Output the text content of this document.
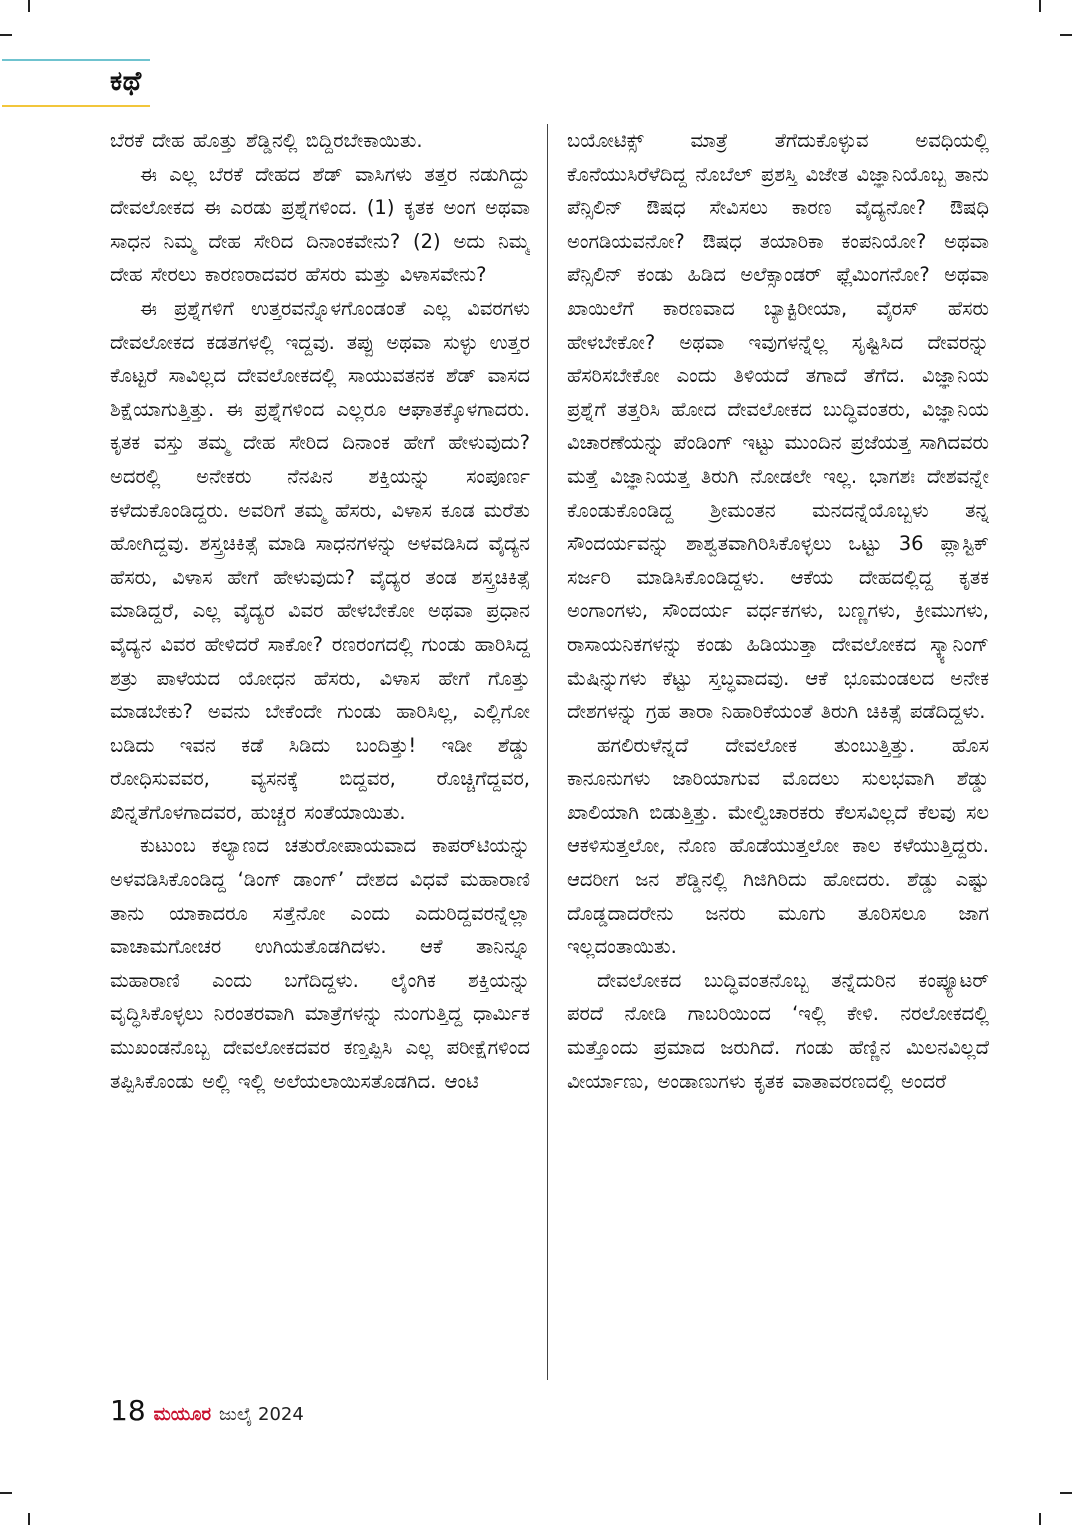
ಕಥೆ

ಬೆರಕೆ ದೇಹ ಹೊತ್ತು ಶೆಡ್ಡಿನಲ್ಲಿ ಬಿದ್ದಿರಬೇಕಾಯಿತು.

ಈ ಎಲ್ಲ ಬೆರಕೆ ದೇಹದ ಶೆಡ್ ವಾಸಿಗಳು ತತ್ತರ ನಡುಗಿದ್ದು ದೇವಲೋಕದ ಈ ಎರಡು ಪ್ರಶ್ನೆಗಳಿಂದ. (1) ಕೃತಕ ಅಂಗ ಅಥವಾ ಸಾಧನ ನಿಮ್ಮ ದೇಹ ಸೇರಿದ ದಿನಾಂಕವೇನು? (2) ಅದು ನಿಮ್ಮ ದೇಹ ಸೇರಲು ಕಾರಣರಾದವರ ಹೆಸರು ಮತ್ತು ವಿಳಾಸವೇನು?

ಈ ಪ್ರಶ್ನೆಗಳಿಗೆ ಉತ್ತರವನ್ನೊಳಗೊಂಡಂತೆ ಎಲ್ಲ ವಿವರಗಳು ದೇವಲೋಕದ ಕಡತಗಳಲ್ಲಿ ಇದ್ದವು. ತಪ್ಪು ಅಥವಾ ಸುಳ್ಳು ಉತ್ತರ ಕೊಟ್ಟರೆ ಸಾವಿಲ್ಲದ ದೇವಲೋಕದಲ್ಲಿ ಸಾಯುವತನಕ ಶೆಡ್ ವಾಸದ ಶಿಕ್ಷೆಯಾಗುತ್ತಿತ್ತು. ಈ ಪ್ರಶ್ನೆಗಳಿಂದ ಎಲ್ಲರೂ ಆಘಾತಕ್ಕೊಳಗಾದರು. ಕೃತಕ ವಸ್ತು ತಮ್ಮ ದೇಹ ಸೇರಿದ ದಿನಾಂಕ ಹೇಗೆ ಹೇಳುವುದು? ಅದರಲ್ಲಿ ಅನೇಕರು ನೆನಪಿನ ಶಕ್ತಿಯನ್ನು ಸಂಪೂರ್ಣ ಕಳೆದುಕೊಂಡಿದ್ದರು. ಅವರಿಗೆ ತಮ್ಮ ಹೆಸರು, ವಿಳಾಸ ಕೂಡ ಮರೆತು ಹೋಗಿದ್ದವು. ಶಸ್ತ್ರಚಿಕಿತ್ಸೆ ಮಾಡಿ ಸಾಧನಗಳನ್ನು ಅಳವಡಿಸಿದ ವೈದ್ಯನ ಹೆಸರು, ವಿಳಾಸ ಹೇಗೆ ಹೇಳುವುದು? ವೈದ್ಯರ ತಂಡ ಶಸ್ತ್ರಚಿಕಿತ್ಸೆ ಮಾಡಿದ್ದರೆ, ಎಲ್ಲ ವೈದ್ಯರ ವಿವರ ಹೇಳಬೇಕೋ ಅಥವಾ ಪ್ರಧಾನ ವೈದ್ಯನ ವಿವರ ಹೇಳಿದರೆ ಸಾಕೋ? ರಣರಂಗದಲ್ಲಿ ಗುಂಡು ಹಾರಿಸಿದ್ದ ಶತ್ರು ಪಾಳೆಯದ ಯೋಧನ ಹೆಸರು, ವಿಳಾಸ ಹೇಗೆ ಗೊತ್ತು ಮಾಡಬೇಕು? ಅವನು ಬೇಕೆಂದೇ ಗುಂಡು ಹಾರಿಸಿಲ್ಲ, ಎಲ್ಲಿಗೋ ಬಡಿದು ಇವನ ಕಡೆ ಸಿಡಿದು ಬಂದಿತ್ತು! ಇಡೀ ಶೆಡ್ಡು ರೋಧಿಸುವವರ, ವ್ಯಸನಕ್ಕೆ ಬಿದ್ದವರ, ರೊಚ್ಚಿಗೆದ್ದವರ, ಖಿನ್ನತೆಗೊಳಗಾದವರ, ಹುಚ್ಚರ ಸಂತೆಯಾಯಿತು.

ಕುಟುಂಬ ಕಲ್ಯಾಣದ ಚತುರೋಪಾಯವಾದ ಕಾಪರ್‌ಟಿಯನ್ನು ಅಳವಡಿಸಿಕೊಂಡಿದ್ದ ‘ಡಿಂಗ್ ಡಾಂಗ್’ ದೇಶದ ವಿಧವೆ ಮಹಾರಾಣಿ ತಾನು ಯಾಕಾದರೂ ಸತ್ತೆನೋ ಎಂದು ಎದುರಿದ್ದವರನ್ನೆಲ್ಲಾ ವಾಚಾಮಗೋಚರ ಉಗಿಯತೊಡಗಿದಳು. ಆಕೆ ತಾನಿನ್ನೂ ಮಹಾರಾಣಿ ಎಂದು ಬಗೆದಿದ್ದಳು. ಲೈಂಗಿಕ ಶಕ್ತಿಯನ್ನು ವೃದ್ಧಿಸಿಕೊಳ್ಳಲು ನಿರಂತರವಾಗಿ ಮಾತ್ರೆಗಳನ್ನು ನುಂಗುತ್ತಿದ್ದ ಧಾರ್ಮಿಕ ಮುಖಂಡನೊಬ್ಬ ದೇವಲೋಕದವರ ಕಣ್ತಪ್ಪಿಸಿ ಎಲ್ಲ ಪರೀಕ್ಷೆಗಳಿಂದ ತಪ್ಪಿಸಿಕೊಂಡು ಅಲ್ಲಿ ಇಲ್ಲಿ ಅಲೆಯಲಾಯಿಸತೊಡಗಿದ. ಆಂಟಿ

ಬಯೋಟಿಕ್ಸ್ ಮಾತ್ರೆ ತೆಗೆದುಕೊಳ್ಳುವ ಅವಧಿಯಲ್ಲಿ ಕೊನೆಯುಸಿರೆಳೆದಿದ್ದ ನೊಬೆಲ್ ಪ್ರಶಸ್ತಿ ವಿಜೇತ ವಿಜ್ಞಾನಿಯೊಬ್ಬ ತಾನು ಪೆನ್ಸಿಲಿನ್ ಔಷಧ ಸೇವಿಸಲು ಕಾರಣ ವೈದ್ಯನೋ? ಔಷಧಿ ಅಂಗಡಿಯವನೋ? ಔಷಧ ತಯಾರಿಕಾ ಕಂಪನಿಯೋ? ಅಥವಾ ಪೆನ್ಸಿಲಿನ್ ಕಂಡು ಹಿಡಿದ ಅಲೆಕ್ಸಾಂಡರ್ ಫ್ಲೆಮಿಂಗನೋ? ಅಥವಾ ಖಾಯಿಲೆಗೆ ಕಾರಣವಾದ ಬ್ಯಾಕ್ಟಿರೀಯಾ, ವೈರಸ್ ಹೆಸರು ಹೇಳಬೇಕೋ? ಅಥವಾ ಇವುಗಳನ್ನೆಲ್ಲ ಸೃಷ್ಟಿಸಿದ ದೇವರನ್ನು ಹೆಸರಿಸಬೇಕೋ ಎಂದು ತಿಳಿಯದೆ ತಗಾದೆ ತೆಗೆದ. ವಿಜ್ಞಾನಿಯ ಪ್ರಶ್ನೆಗೆ ತತ್ತರಿಸಿ ಹೋದ ದೇವಲೋಕದ ಬುದ್ಧಿವಂತರು, ವಿಜ್ಞಾನಿಯ ವಿಚಾರಣೆಯನ್ನು ಪೆಂಡಿಂಗ್ ಇಟ್ಟು ಮುಂದಿನ ಪ್ರಜೆಯತ್ತ ಸಾಗಿದವರು ಮತ್ತೆ ವಿಜ್ಞಾನಿಯತ್ತ ತಿರುಗಿ ನೋಡಲೇ ಇಲ್ಲ. ಭಾಗಶಃ ದೇಶವನ್ನೇ ಕೊಂಡುಕೊಂಡಿದ್ದ ಶ್ರೀಮಂತನ ಮನದನ್ನೆಯೊಬ್ಬಳು ತನ್ನ ಸೌಂದರ್ಯವನ್ನು ಶಾಶ್ವತವಾಗಿರಿಸಿಕೊಳ್ಳಲು ಒಟ್ಟು 36 ಪ್ಲಾಸ್ಟಿಕ್ ಸರ್ಜರಿ ಮಾಡಿಸಿಕೊಂಡಿದ್ದಳು. ಆಕೆಯ ದೇಹದಲ್ಲಿದ್ದ ಕೃತಕ ಅಂಗಾಂಗಳು, ಸೌಂದರ್ಯ ವರ್ಧಕಗಳು, ಬಣ್ಣಗಳು, ಕ್ರೀಮುಗಳು, ರಾಸಾಯನಿಕಗಳನ್ನು ಕಂಡು ಹಿಡಿಯುತ್ತಾ ದೇವಲೋಕದ ಸ್ಕ್ಯಾನಿಂಗ್ ಮೆಷಿನ್ನುಗಳು ಕೆಟ್ಟು ಸ್ತಬ್ಧವಾದವು. ಆಕೆ ಭೂಮಂಡಲದ ಅನೇಕ ದೇಶಗಳನ್ನು ಗ್ರಹ ತಾರಾ ನಿಹಾರಿಕೆಯಂತೆ ತಿರುಗಿ ಚಿಕಿತ್ಸೆ ಪಡೆದಿದ್ದಳು.

ಹಗಲಿರುಳೆನ್ನದೆ ದೇವಲೋಕ ತುಂಬುತ್ತಿತ್ತು. ಹೊಸ ಕಾನೂನುಗಳು ಜಾರಿಯಾಗುವ ಮೊದಲು ಸುಲಭವಾಗಿ ಶೆಡ್ಡು ಖಾಲಿಯಾಗಿ ಬಿಡುತ್ತಿತ್ತು. ಮೇಲ್ವಿಚಾರಕರು ಕೆಲಸವಿಲ್ಲದೆ ಕೆಲವು ಸಲ ಆಕಳಿಸುತ್ತಲೋ, ನೊಣ ಹೊಡೆಯುತ್ತಲೋ ಕಾಲ ಕಳೆಯುತ್ತಿದ್ದರು. ಆದರೀಗ ಜನ ಶೆಡ್ಡಿನಲ್ಲಿ ಗಿಜಿಗಿರಿದು ಹೋದರು. ಶೆಡ್ಡು ಎಷ್ಟು ದೊಡ್ಡದಾದರೇನು ಜನರು ಮೂಗು ತೂರಿಸಲೂ ಜಾಗ ಇಲ್ಲದಂತಾಯಿತು.

ದೇವಲೋಕದ ಬುದ್ಧಿವಂತನೊಬ್ಬ ತನ್ನೆದುರಿನ ಕಂಪ್ಯೂಟರ್ ಪರದೆ ನೋಡಿ ಗಾಬರಿಯಿಂದ ‘ಇಲ್ಲಿ ಕೇಳಿ. ನರಲೋಕದಲ್ಲಿ ಮತ್ತೊಂದು ಪ್ರಮಾದ ಜರುಗಿದೆ. ಗಂಡು ಹೆಣ್ಣಿನ ಮಿಲನವಿಲ್ಲದೆ ವೀರ್ಯಾಣು, ಅಂಡಾಣುಗಳು ಕೃತಕ ವಾತಾವರಣದಲ್ಲಿ ಅಂದರೆ

18 ಮಯೂರ ಜುಲೈ 2024
